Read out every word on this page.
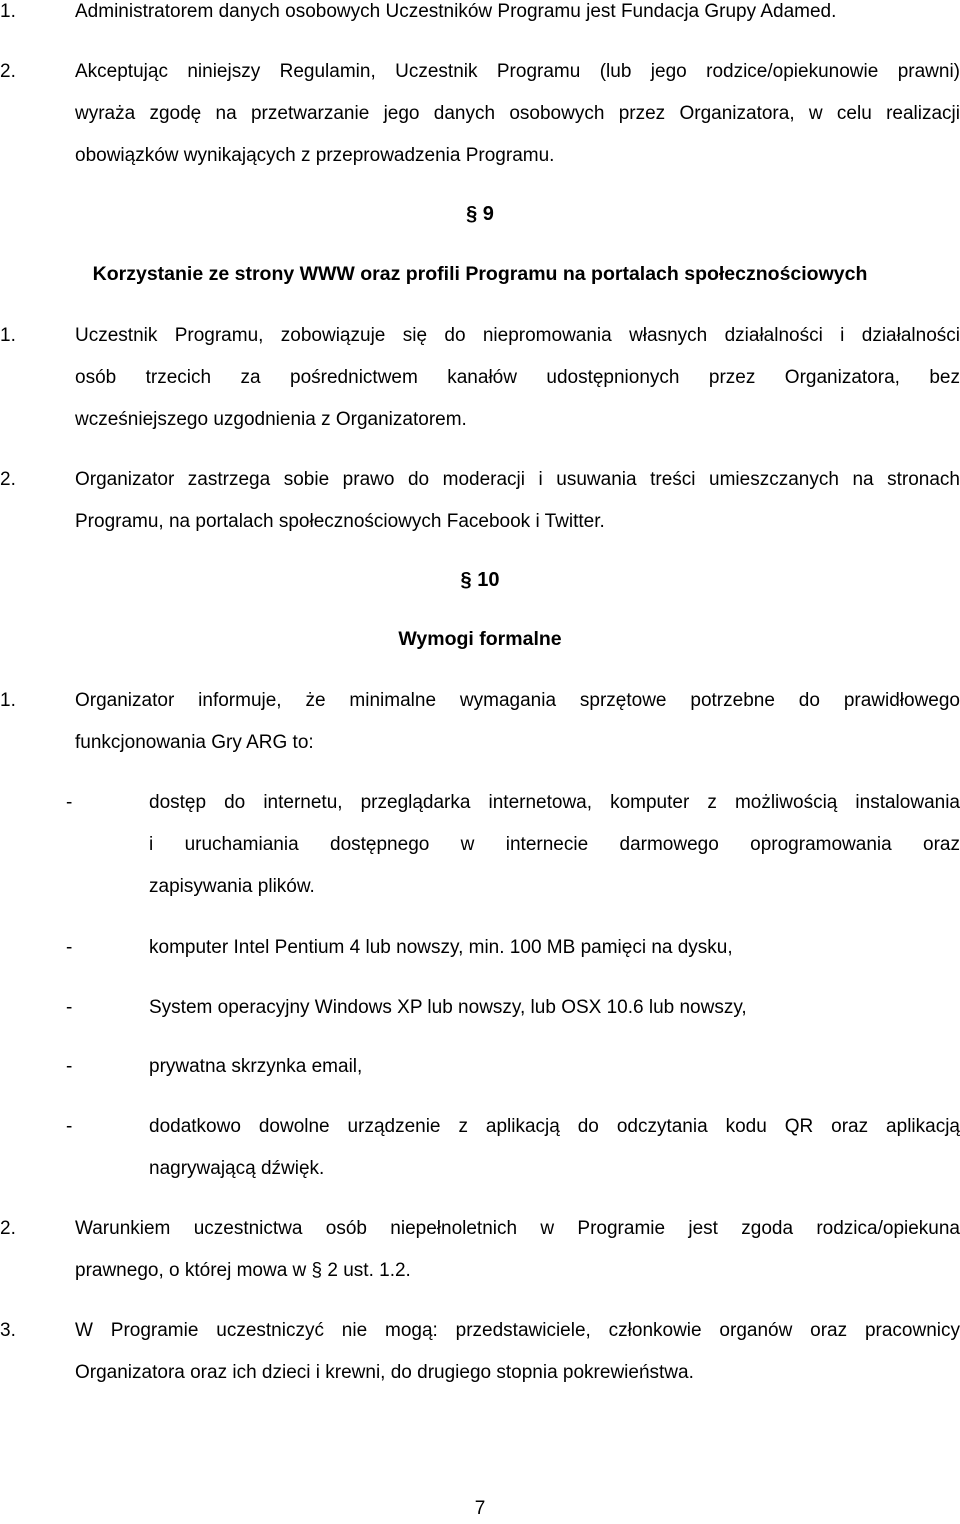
1.	Administratorem danych osobowych Uczestników Programu jest Fundacja Grupy Adamed.
2.	Akceptując niniejszy Regulamin, Uczestnik Programu (lub jego rodzice/opiekunowie prawni)
wyraża zgodę na przetwarzanie jego danych osobowych przez Organizatora, w celu realizacji
obowiązków wynikających z przeprowadzenia Programu.
§ 9
Korzystanie ze strony WWW oraz profili Programu na portalach społecznościowych
1.	Uczestnik Programu, zobowiązuje się do niepromowania własnych działalności i działalności
osób trzecich za pośrednictwem kanałów udostępnionych przez Organizatora, bez
wcześniejszego uzgodnienia z Organizatorem.
2.	Organizator zastrzega sobie prawo do moderacji i usuwania treści umieszczanych na stronach
Programu, na portalach społecznościowych Facebook i Twitter.
§ 10
Wymogi formalne
1.	Organizator informuje, że minimalne wymagania sprzętowe potrzebne do prawidłowego
funkcjonowania Gry ARG to:
-	dostęp do internetu, przeglądarka internetowa, komputer z możliwością instalowania
i uruchamiania dostępnego w internecie darmowego oprogramowania oraz
zapisywania plików.
-	komputer Intel Pentium 4 lub nowszy, min. 100 MB pamięci na dysku,
-	System operacyjny Windows XP lub nowszy, lub OSX 10.6 lub nowszy,
-	prywatna skrzynka email,
-	dodatkowo dowolne urządzenie z aplikacją do odczytania kodu QR oraz aplikacją
nagrywającą dźwięk.
2.	Warunkiem uczestnictwa osób niepełnoletnich w Programie jest zgoda rodzica/opiekuna
prawnego, o której mowa w § 2 ust. 1.2.
3.	W Programie uczestniczyć nie mogą: przedstawiciele, członkowie organów oraz pracownicy
Organizatora oraz ich dzieci i krewni, do drugiego stopnia pokrewieństwa.
7
